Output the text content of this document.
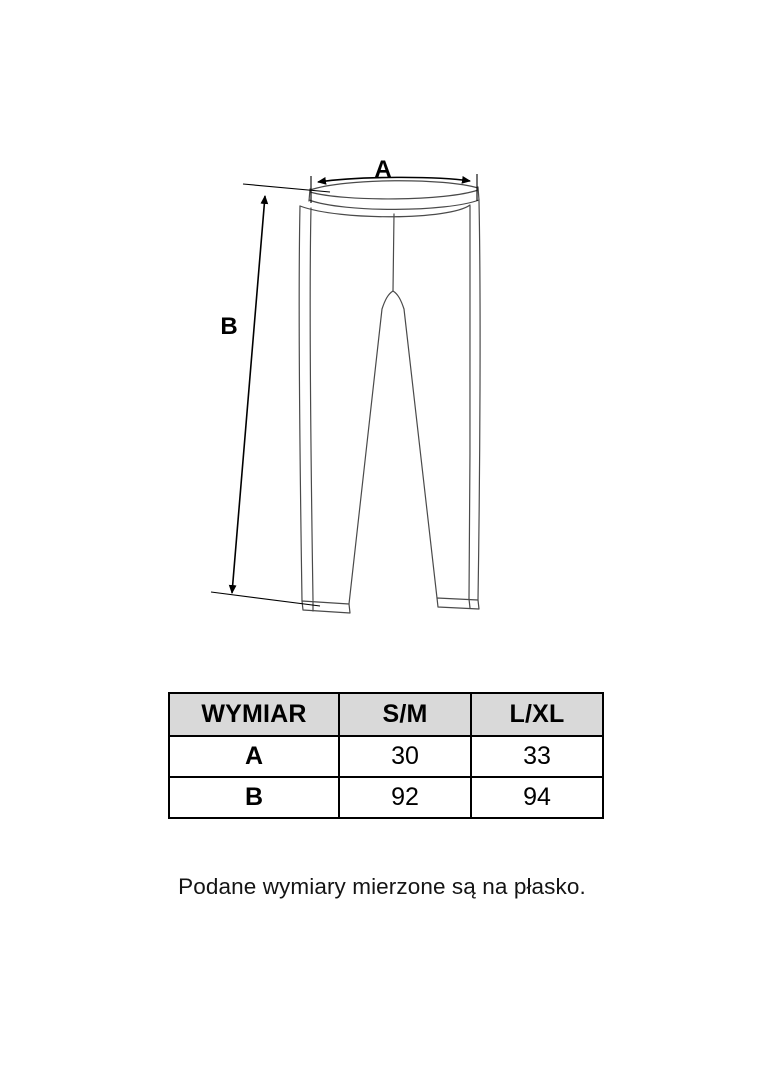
A
B
WYMIAR	S/M	L/XL
A	30	33
B	92	94
Podane wymiary mierzone są na płasko.
